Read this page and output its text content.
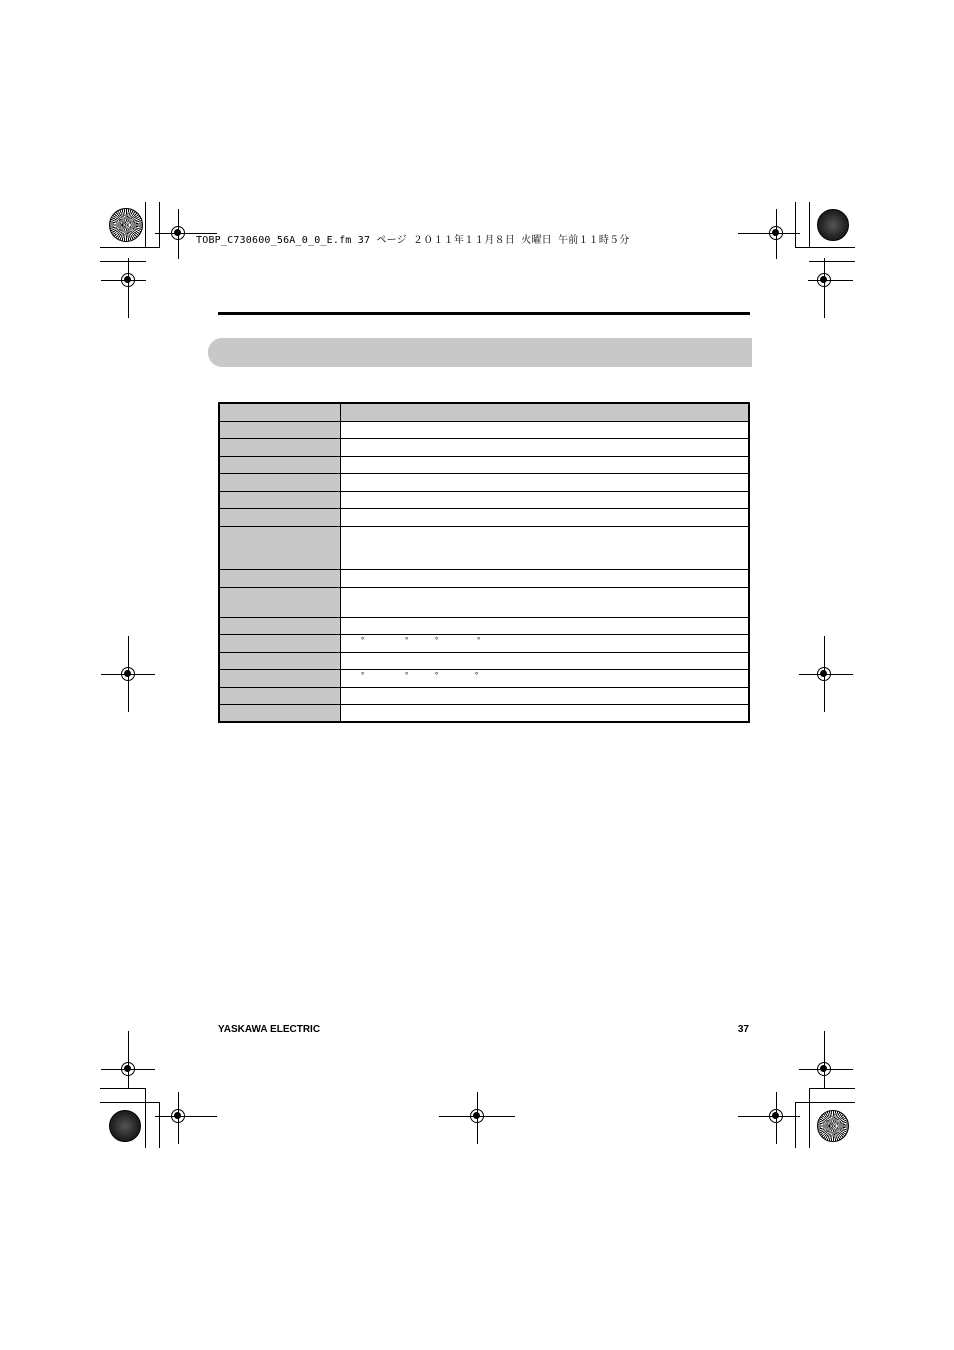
TOBP_C730600_56A_0_0_E.fm 37 ページ ２０１１年１１月８日 火曜日 午前１１時５分

	° ° ° °

	° ° ° °

YASKAWA ELECTRIC	37
